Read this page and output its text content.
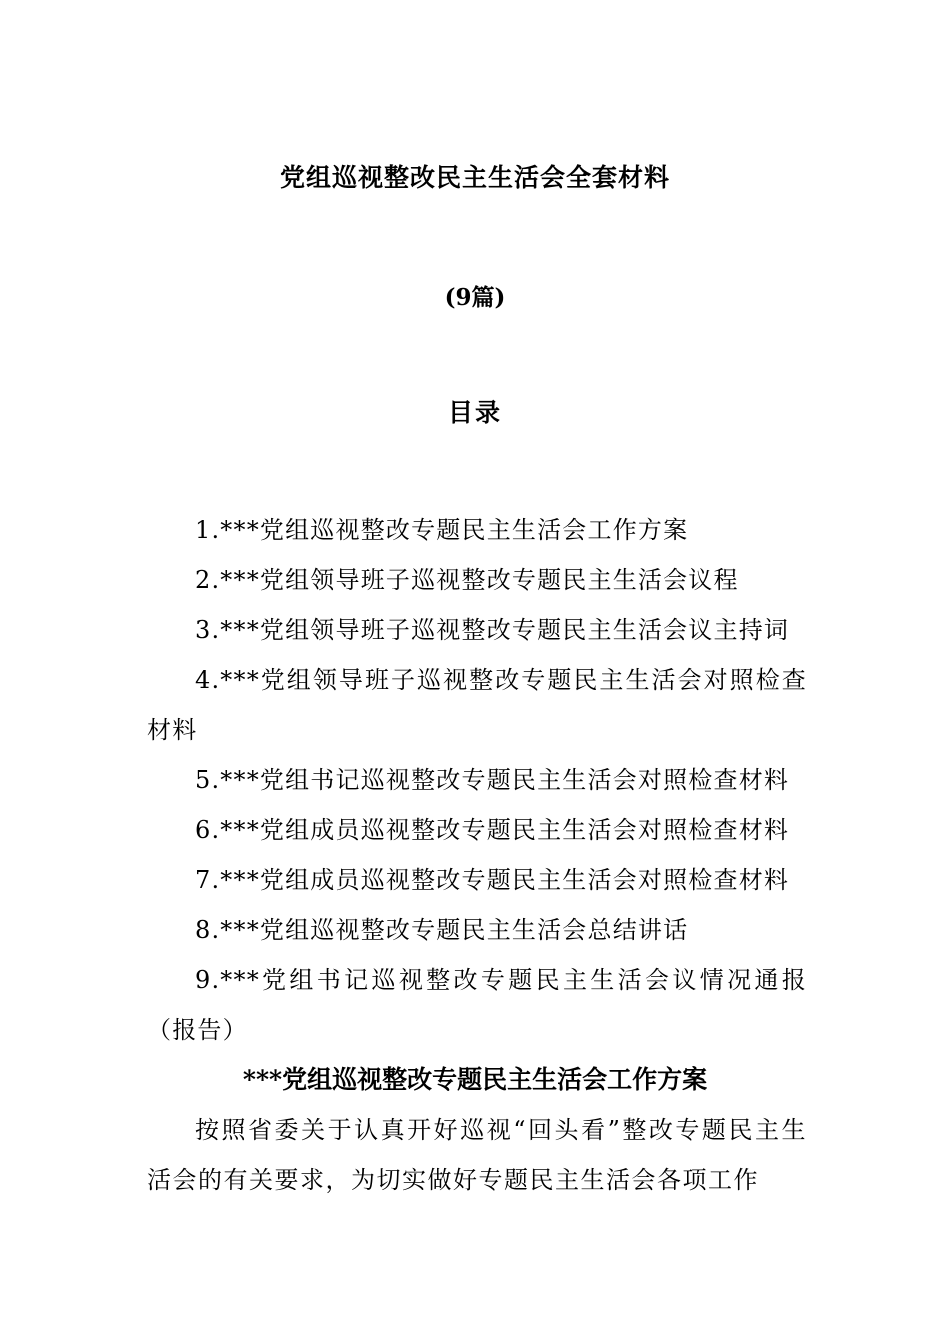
党组巡视整改民主生活会全套材料
(9篇)
目录
1.***党组巡视整改专题民主生活会工作方案
2.***党组领导班子巡视整改专题民主生活会议程
3.***党组领导班子巡视整改专题民主生活会议主持词
4.***党组领导班子巡视整改专题民主生活会对照检查材料
5.***党组书记巡视整改专题民主生活会对照检查材料
6.***党组成员巡视整改专题民主生活会对照检查材料
7.***党组成员巡视整改专题民主生活会对照检查材料
8.***党组巡视整改专题民主生活会总结讲话
9.***党组书记巡视整改专题民主生活会议情况通报（报告）
***党组巡视整改专题民主生活会工作方案

按照省委关于认真开好巡视“回头看”整改专题民主生活会的有关要求，为切实做好专题民主生活会各项工作
